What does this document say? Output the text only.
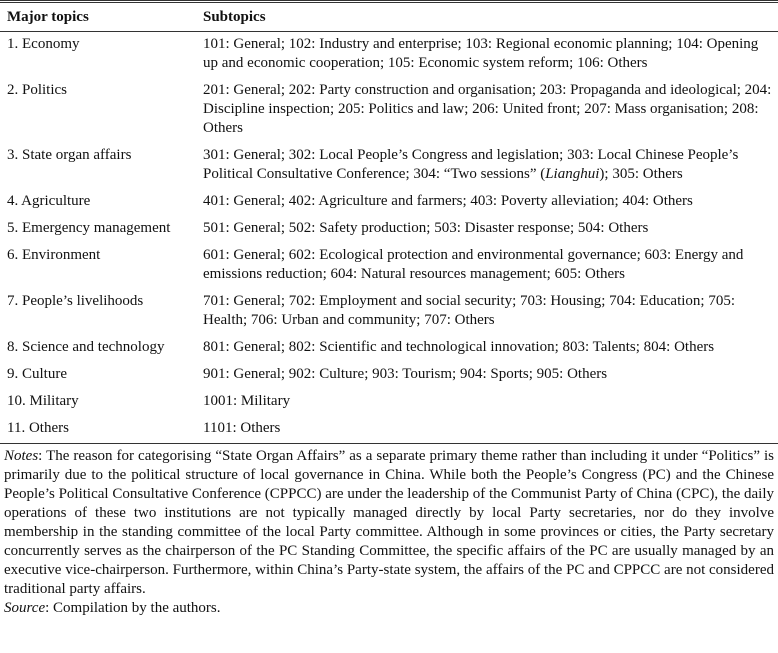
Major topics	Subtopics
1. Economy	101: General; 102: Industry and enterprise; 103: Regional economic planning; 104: Opening up and economic cooperation; 105: Economic system reform; 106: Others
2. Politics	201: General; 202: Party construction and organisation; 203: Propaganda and ideological; 204: Discipline inspection; 205: Politics and law; 206: United front; 207: Mass organisation; 208: Others
3. State organ affairs	301: General; 302: Local People’s Congress and legislation; 303: Local Chinese People’s Political Consultative Conference; 304: “Two sessions” (Lianghui); 305: Others
4. Agriculture	401: General; 402: Agriculture and farmers; 403: Poverty alleviation; 404: Others
5. Emergency management	501: General; 502: Safety production; 503: Disaster response; 504: Others
6. Environment	601: General; 602: Ecological protection and environmental governance; 603: Energy and emissions reduction; 604: Natural resources management; 605: Others
7. People’s livelihoods	701: General; 702: Employment and social security; 703: Housing; 704: Education; 705: Health; 706: Urban and community; 707: Others
8. Science and technology	801: General; 802: Scientific and technological innovation; 803: Talents; 804: Others
9. Culture	901: General; 902: Culture; 903: Tourism; 904: Sports; 905: Others
10. Military	1001: Military
11. Others	1101: Others
Notes: The reason for categorising “State Organ Affairs” as a separate primary theme rather than including it under “Politics” is primarily due to the political structure of local governance in China. While both the People’s Congress (PC) and the Chinese People’s Political Consultative Conference (CPPCC) are under the leadership of the Communist Party of China (CPC), the daily operations of these two institutions are not typically managed directly by local Party secretaries, nor do they involve membership in the standing committee of the local Party committee. Although in some provinces or cities, the Party secretary concurrently serves as the chairperson of the PC Standing Committee, the specific affairs of the PC are usually managed by an executive vice-chairperson. Furthermore, within China’s Party-state system, the affairs of the PC and CPPCC are not considered traditional party affairs.
Source: Compilation by the authors.
